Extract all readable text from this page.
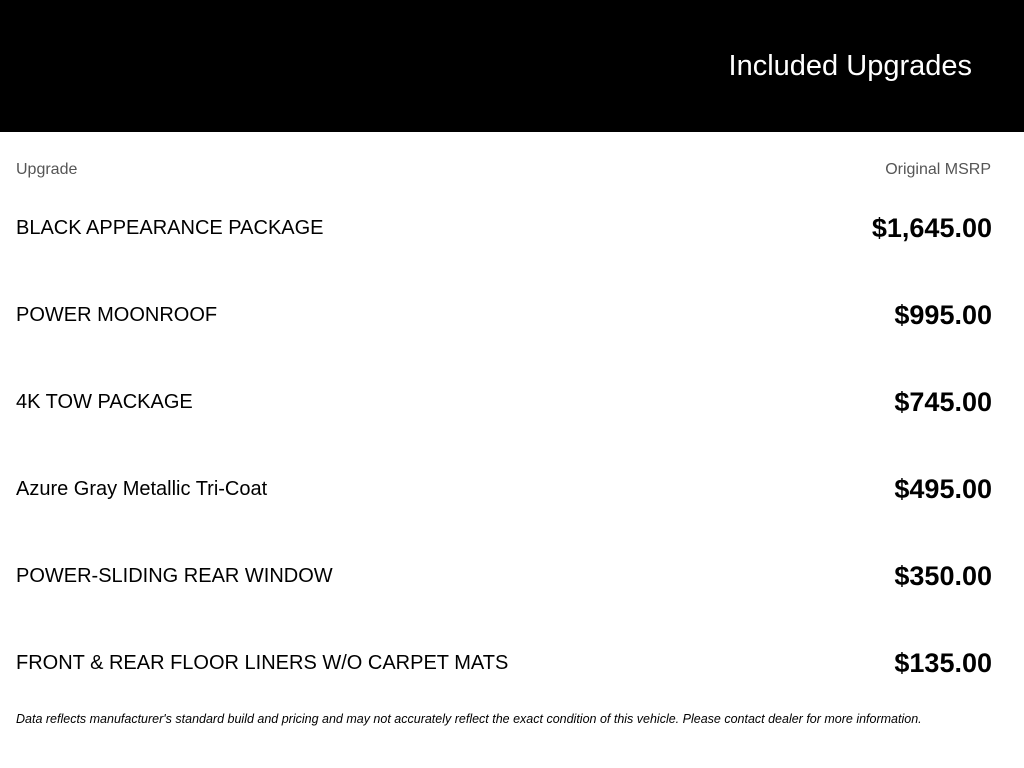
Included Upgrades
Upgrade	Original MSRP
BLACK APPEARANCE PACKAGE	$1,645.00
POWER MOONROOF	$995.00
4K TOW PACKAGE	$745.00
Azure Gray Metallic Tri-Coat	$495.00
POWER-SLIDING REAR WINDOW	$350.00
FRONT & REAR FLOOR LINERS W/O CARPET MATS	$135.00

Data reflects manufacturer's standard build and pricing and may not accurately reflect the exact condition of this vehicle. Please contact dealer for more information.
